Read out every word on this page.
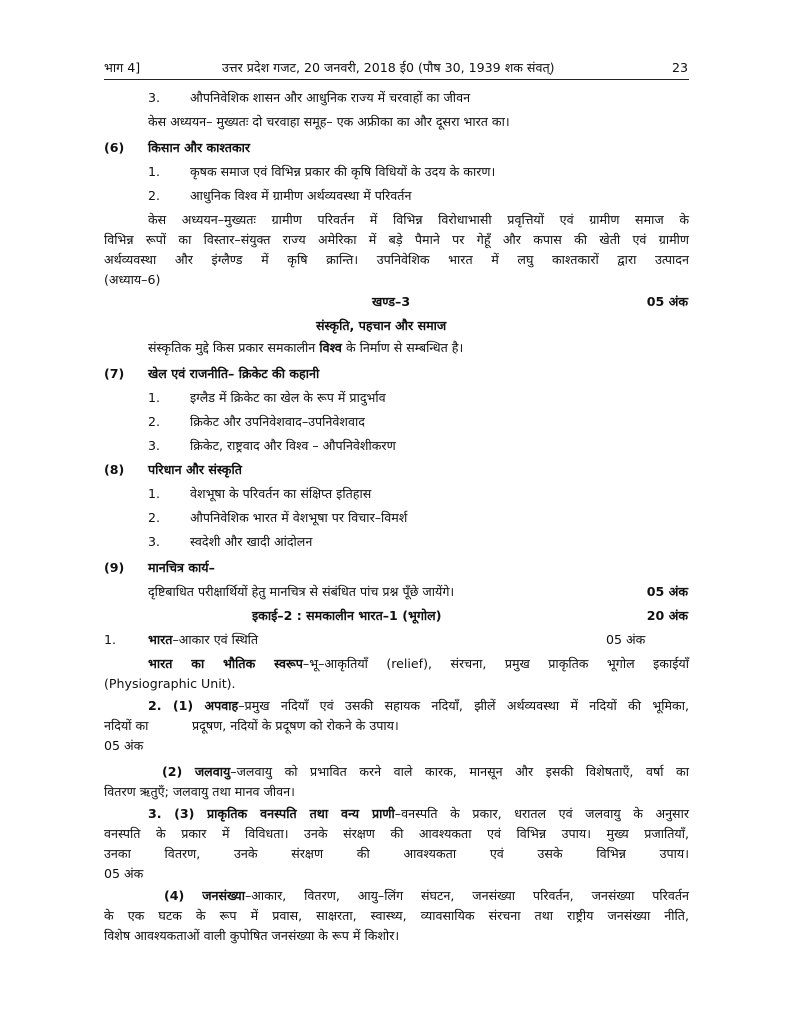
भाग 4]	उत्तर प्रदेश गजट, 20 जनवरी, 2018 ई0 (पौष 30, 1939 शक संवत्)	23
3. औपनिवेशिक शासन और आधुनिक राज्य में चरवाहों का जीवन
केस अध्ययन– मुख्यतः दो चरवाहा समूह– एक अफ्रीका का और दूसरा भारत का।
(6) किसान और काश्तकार
1. कृषक समाज एवं विभिन्न प्रकार की कृषि विधियों के उदय के कारण।
2. आधुनिक विश्व में ग्रामीण अर्थव्यवस्था में परिवर्तन
केस अध्ययन–मुख्यतः ग्रामीण परिवर्तन में विभिन्न विरोधाभासी प्रवृत्तियों एवं ग्रामीण समाज के
विभिन्न रूपों का विस्तार–संयुक्त राज्य अमेरिका में बड़े पैमाने पर गेहूँ और कपास की खेती एवं ग्रामीण
अर्थव्यवस्था और इंग्लैण्ड में कृषि क्रान्ति। उपनिवेशिक भारत में लघु काश्तकारों द्वारा उत्पादन
(अध्याय–6)
खण्ड–3	05 अंक
संस्कृति, पहचान और समाज
संस्कृतिक मुद्दे किस प्रकार समकालीन विश्व के निर्माण से सम्बन्धित है।
(7) खेल एवं राजनीति– क्रिकेट की कहानी
1. इग्लैड में क्रिकेट का खेल के रूप में प्रादुर्भाव
2. क्रिकेट और उपनिवेशवाद–उपनिवेशवाद
3. क्रिकेट, राष्ट्रवाद और विश्व – औपनिवेशीकरण
(8) परिधान और संस्कृति
1. वेशभूषा के परिवर्तन का संक्षिप्त इतिहास
2. औपनिवेशिक भारत में वेशभूषा पर विचार–विमर्श
3. स्वदेशी और खादी आंदोलन
(9) मानचित्र कार्य–
दृष्टिबाधित परीक्षार्थियों हेतु मानचित्र से संबंधित पांच प्रश्न पूँछे जायेंगे।	05 अंक
इकाई–2 : समकालीन भारत–1 (भूगोल)	20 अंक
1.	भारत–आकार एवं स्थिति	05 अंक
भारत का भौतिक स्वरूप–भू–आकृतियाँ (relief), संरचना, प्रमुख प्राकृतिक भूगोल इकाईयाँ
(Physiographic Unit).
2. (1) अपवाह–प्रमुख नदियाँ एवं उसकी सहायक नदियाँ, झीलें अर्थव्यवस्था में नदियों की भूमिका,
नदियों का	प्रदूषण, नदियों के प्रदूषण को रोकने के उपाय।
05 अंक
(2) जलवायु–जलवायु को प्रभावित करने वाले कारक, मानसून और इसकी विशेषताएँ, वर्षा का
वितरण ऋतुएँ; जलवायु तथा मानव जीवन।
3. (3) प्राकृतिक वनस्पति तथा वन्य प्राणी–वनस्पति के प्रकार, धरातल एवं जलवायु के अनुसार
वनस्पति के प्रकार में विविधता। उनके संरक्षण की आवश्यकता एवं विभिन्न उपाय। मुख्य प्रजातियाँ,
उनका वितरण, उनके संरक्षण की आवश्यकता एवं उसके विभिन्न उपाय।
05 अंक
(4) जनसंख्या–आकार, वितरण, आयु–लिंग संघटन, जनसंख्या परिवर्तन, जनसंख्या परिवर्तन
के एक घटक के रूप में प्रवास, साक्षरता, स्वास्थ्य, व्यावसायिक संरचना तथा राष्ट्रीय जनसंख्या नीति,
विशेष आवश्यकताओं वाली कुपोषित जनसंख्या के रूप में किशोर।
